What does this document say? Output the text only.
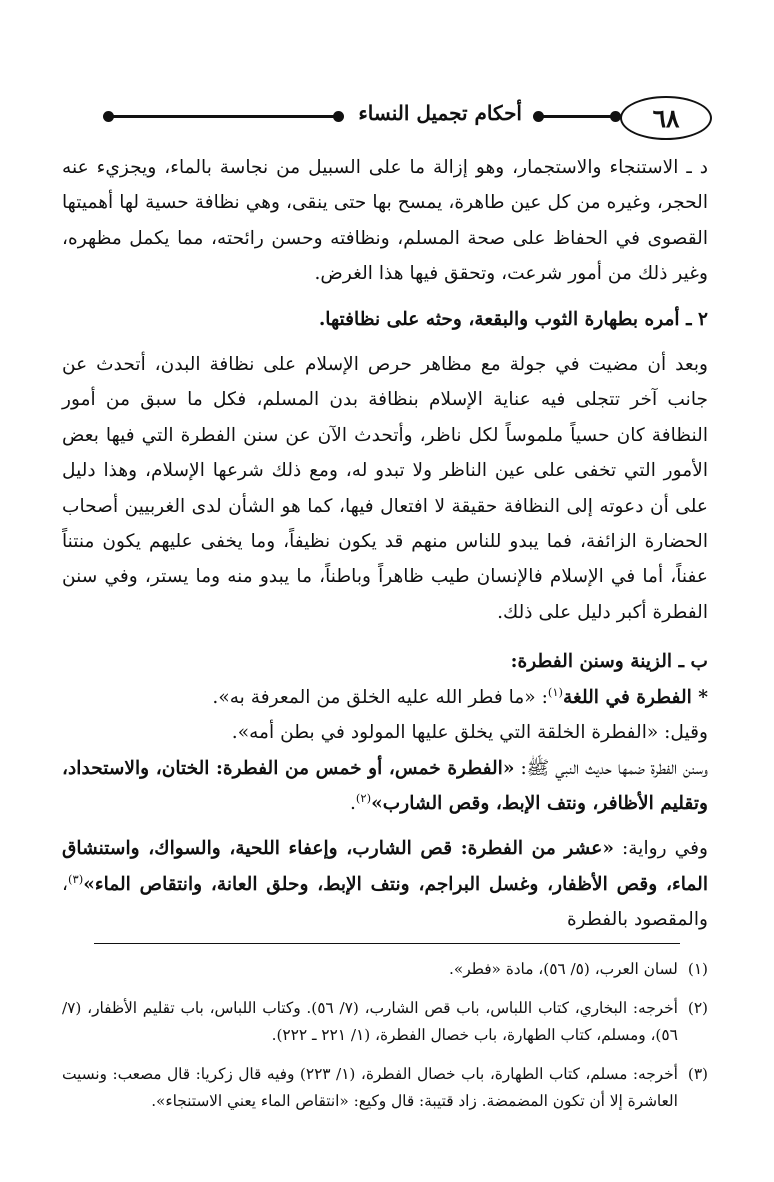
٦٨
أحكام تجميل النساء

د ـ الاستنجاء والاستجمار، وهو إزالة ما على السبيل من نجاسة بالماء، ويجزيء عنه الحجر، وغيره من كل عين طاهرة، يمسح بها حتى ينقى، وهي نظافة حسية لها أهميتها القصوى في الحفاظ على صحة المسلم، ونظافته وحسن رائحته، مما يكمل مظهره، وغير ذلك من أمور شرعت، وتحقق فيها هذا الغرض.

٢ ـ أمره بطهارة الثوب والبقعة، وحثه على نظافتها.

وبعد أن مضيت في جولة مع مظاهر حرص الإسلام على نظافة البدن، أتحدث عن جانب آخر تتجلى فيه عناية الإسلام بنظافة بدن المسلم، فكل ما سبق من أمور النظافة كان حسياً ملموساً لكل ناظر، وأتحدث الآن عن سنن الفطرة التي فيها بعض الأمور التي تخفى على عين الناظر ولا تبدو له، ومع ذلك شرعها الإسلام، وهذا دليل على أن دعوته إلى النظافة حقيقة لا افتعال فيها، كما هو الشأن لدى الغربيين أصحاب الحضارة الزائفة، فما يبدو للناس منهم قد يكون نظيفاً، وما يخفى عليهم يكون منتناً عفناً، أما في الإسلام فالإنسان طيب ظاهراً وباطناً، ما يبدو منه وما يستر، وفي سنن الفطرة أكبر دليل على ذلك.

ب ـ الزينة وسنن الفطرة:

* الفطرة في اللغة$^{(١)}$: «ما فطر الله عليه الخلق من المعرفة به».

وقيل: «الفطرة الخلقة التي يخلق عليها المولود في بطن أمه».

وسنن الفطرة ضمها حديث النبي ﷺ: «الفطرة خمس، أو خمس من الفطرة: الختان، والاستحداد، وتقليم الأظافر، ونتف الإبط، وقص الشارب»$^{(٢)}$.

وفي رواية: «عشر من الفطرة: قص الشارب، وإعفاء اللحية، والسواك، واستنشاق الماء، وقص الأظفار، وغسل البراجم، ونتف الإبط، وحلق العانة، وانتقاص الماء»$^{(٣)}$، والمقصود بالفطرة

(١)
لسان العرب، (٥/ ٥٦)، مادة «فطر».
(٢)
أخرجه: البخاري، كتاب اللباس، باب قص الشارب، (٧/ ٥٦). وكتاب اللباس، باب تقليم الأظفار، (٧/ ٥٦)، ومسلم، كتاب الطهارة، باب خصال الفطرة، (١/ ٢٢١ ـ ٢٢٢).
(٣)
أخرجه: مسلم، كتاب الطهارة، باب خصال الفطرة، (١/ ٢٢٣) وفيه قال زكريا: قال مصعب: ونسيت العاشرة إلا أن تكون المضمضة. زاد قتيبة: قال وكيع: «انتقاص الماء يعني الاستنجاء».
